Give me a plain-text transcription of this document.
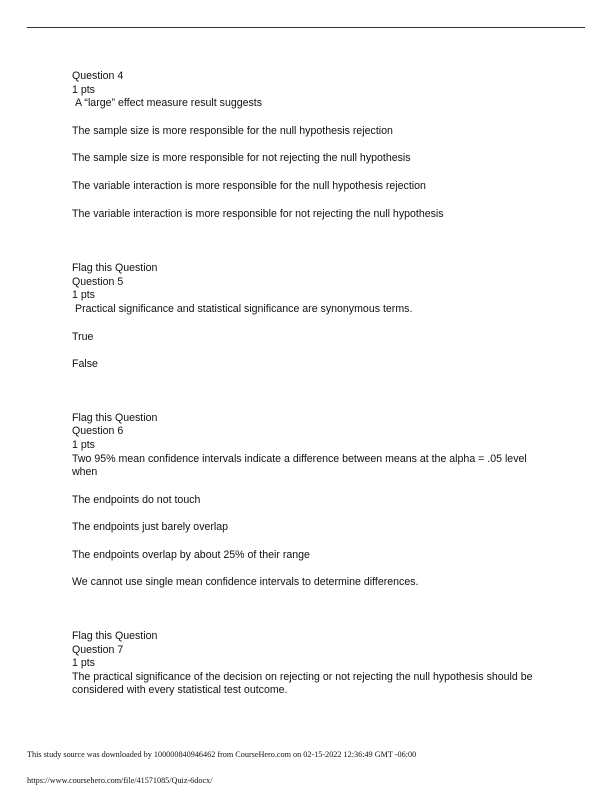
Question 4
1 pts
A “large” effect measure result suggests
The sample size is more responsible for the null hypothesis rejection
The sample size is more responsible for not rejecting the null hypothesis
The variable interaction is more responsible for the null hypothesis rejection
The variable interaction is more responsible for not rejecting the null hypothesis
Flag this Question
Question 5
1 pts
Practical significance and statistical significance are synonymous terms.
True
False
Flag this Question
Question 6
1 pts
Two 95% mean confidence intervals indicate a difference between means at the alpha = .05 level when
The endpoints do not touch
The endpoints just barely overlap
The endpoints overlap by about 25% of their range
We cannot use single mean confidence intervals to determine differences.
Flag this Question
Question 7
1 pts
The practical significance of the decision on rejecting or not rejecting the null hypothesis should be considered with every statistical test outcome.
This study source was downloaded by 100000840946462 from CourseHero.com on 02-15-2022 12:36:49 GMT -06:00
https://www.coursehero.com/file/41571085/Quiz-6docx/
